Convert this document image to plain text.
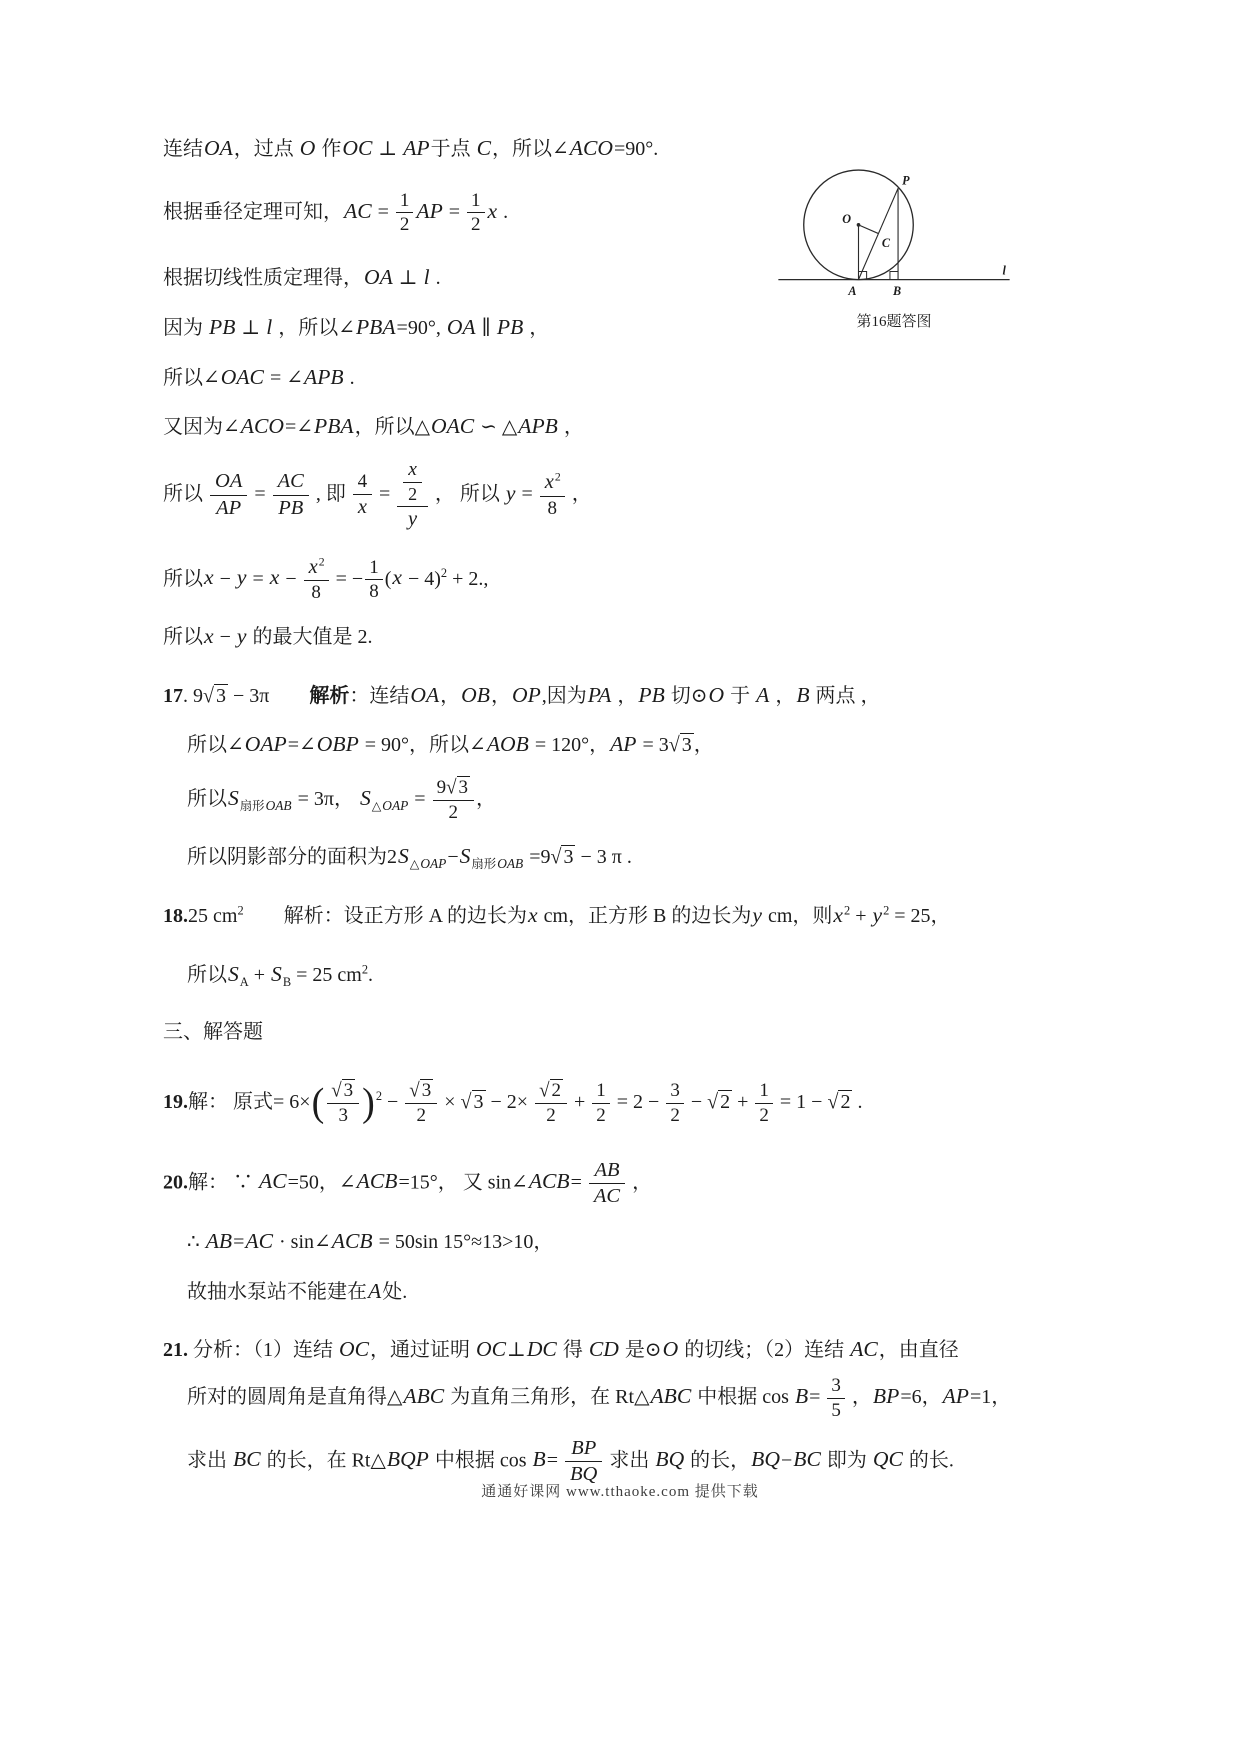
连结OA，过点 O 作OC ⊥ AP于点 C，所以∠ACO=90°.
根据垂径定理可知，AC = $\frac{1}{2}$ AP = $\frac{1}{2}$ x .
根据切线性质定理得，OA ⊥ l .
因为 PB ⊥ l ，所以∠PBA=90°, OA ∥ PB ，
所以∠OAC = ∠APB .
又因为∠ACO=∠PBA，所以△OAC ∽ △APB ，
所以 $\frac{OA}{AP} = \frac{AC}{PB}$ , 即 $\frac{4}{x} = \frac{\frac{x}{2}}{y}$ ， 所以 $y = \frac{x^2}{8}$ ，
所以$x - y = x - \frac{x^2}{8}$ = − $\frac{1}{8} (x - 4)^2 + 2$.,
所以x − y 的最大值是 2.
17. 9√ 3 − 3π　　解析：连结OA，OB，OP,因为PA ，PB 切⊙O 于 A ，B 两点 ，
所以∠OAP=∠OBP = 90°，所以∠AOB = 120°，AP = 3√ 3 ，
所以$S_{扇形OAB} = 3\pi$， $S_{\triangle OAP} = \frac{9√ 3}{2}$ ，
所以阴影部分的面积为$2S_{\triangle OAP}-S_{扇形OAB} =9√$ 3 − 3 π .
18.25 $cm^2$　　解析：设正方形 A 的边长为x cm，正方形 B 的边长为y cm，则$x^2 + y^2 = 25$，
所以$S_A + S_B = 25$ $cm^2$.
三、解答题
19.解： 原式= $6\times( \frac{√ 3}{3} )^2 - \frac{√ 3}{2}$ × √ $3 - 2\times \frac{√ 2}{2} + \frac{1}{2} = 2 - \frac{3}{2}$ − √ $2 + \frac{1}{2} = 1$ − √ 2 .
20.解： ∵ AC=50，∠ACB=15°， 又 sin∠ACB= $\frac{AB}{AC}$ ，
∴ AB=AC · sin∠ACB = 50sin 15°≈13>10，
故抽水泵站不能建在A处.
21. 分析：（1）连结 OC，通过证明 OC⊥DC 得 CD 是⊙O 的切线；（2）连结 AC，由直径
所对的圆周角是直角得△ABC 为直角三角形，在 Rt△ABC 中根据 $\cos B= \frac{3}{5}$ ，BP=6，AP=1，
求出 BC 的长，在 Rt△BQP 中根据 $\cos B= \frac{BP}{BQ}$ 求出 BQ 的长，BQ−BC 即为 QC 的长.
O
C
P
A	B
l
第16题答图
通通好课网 www.tthaoke.com 提供下载
